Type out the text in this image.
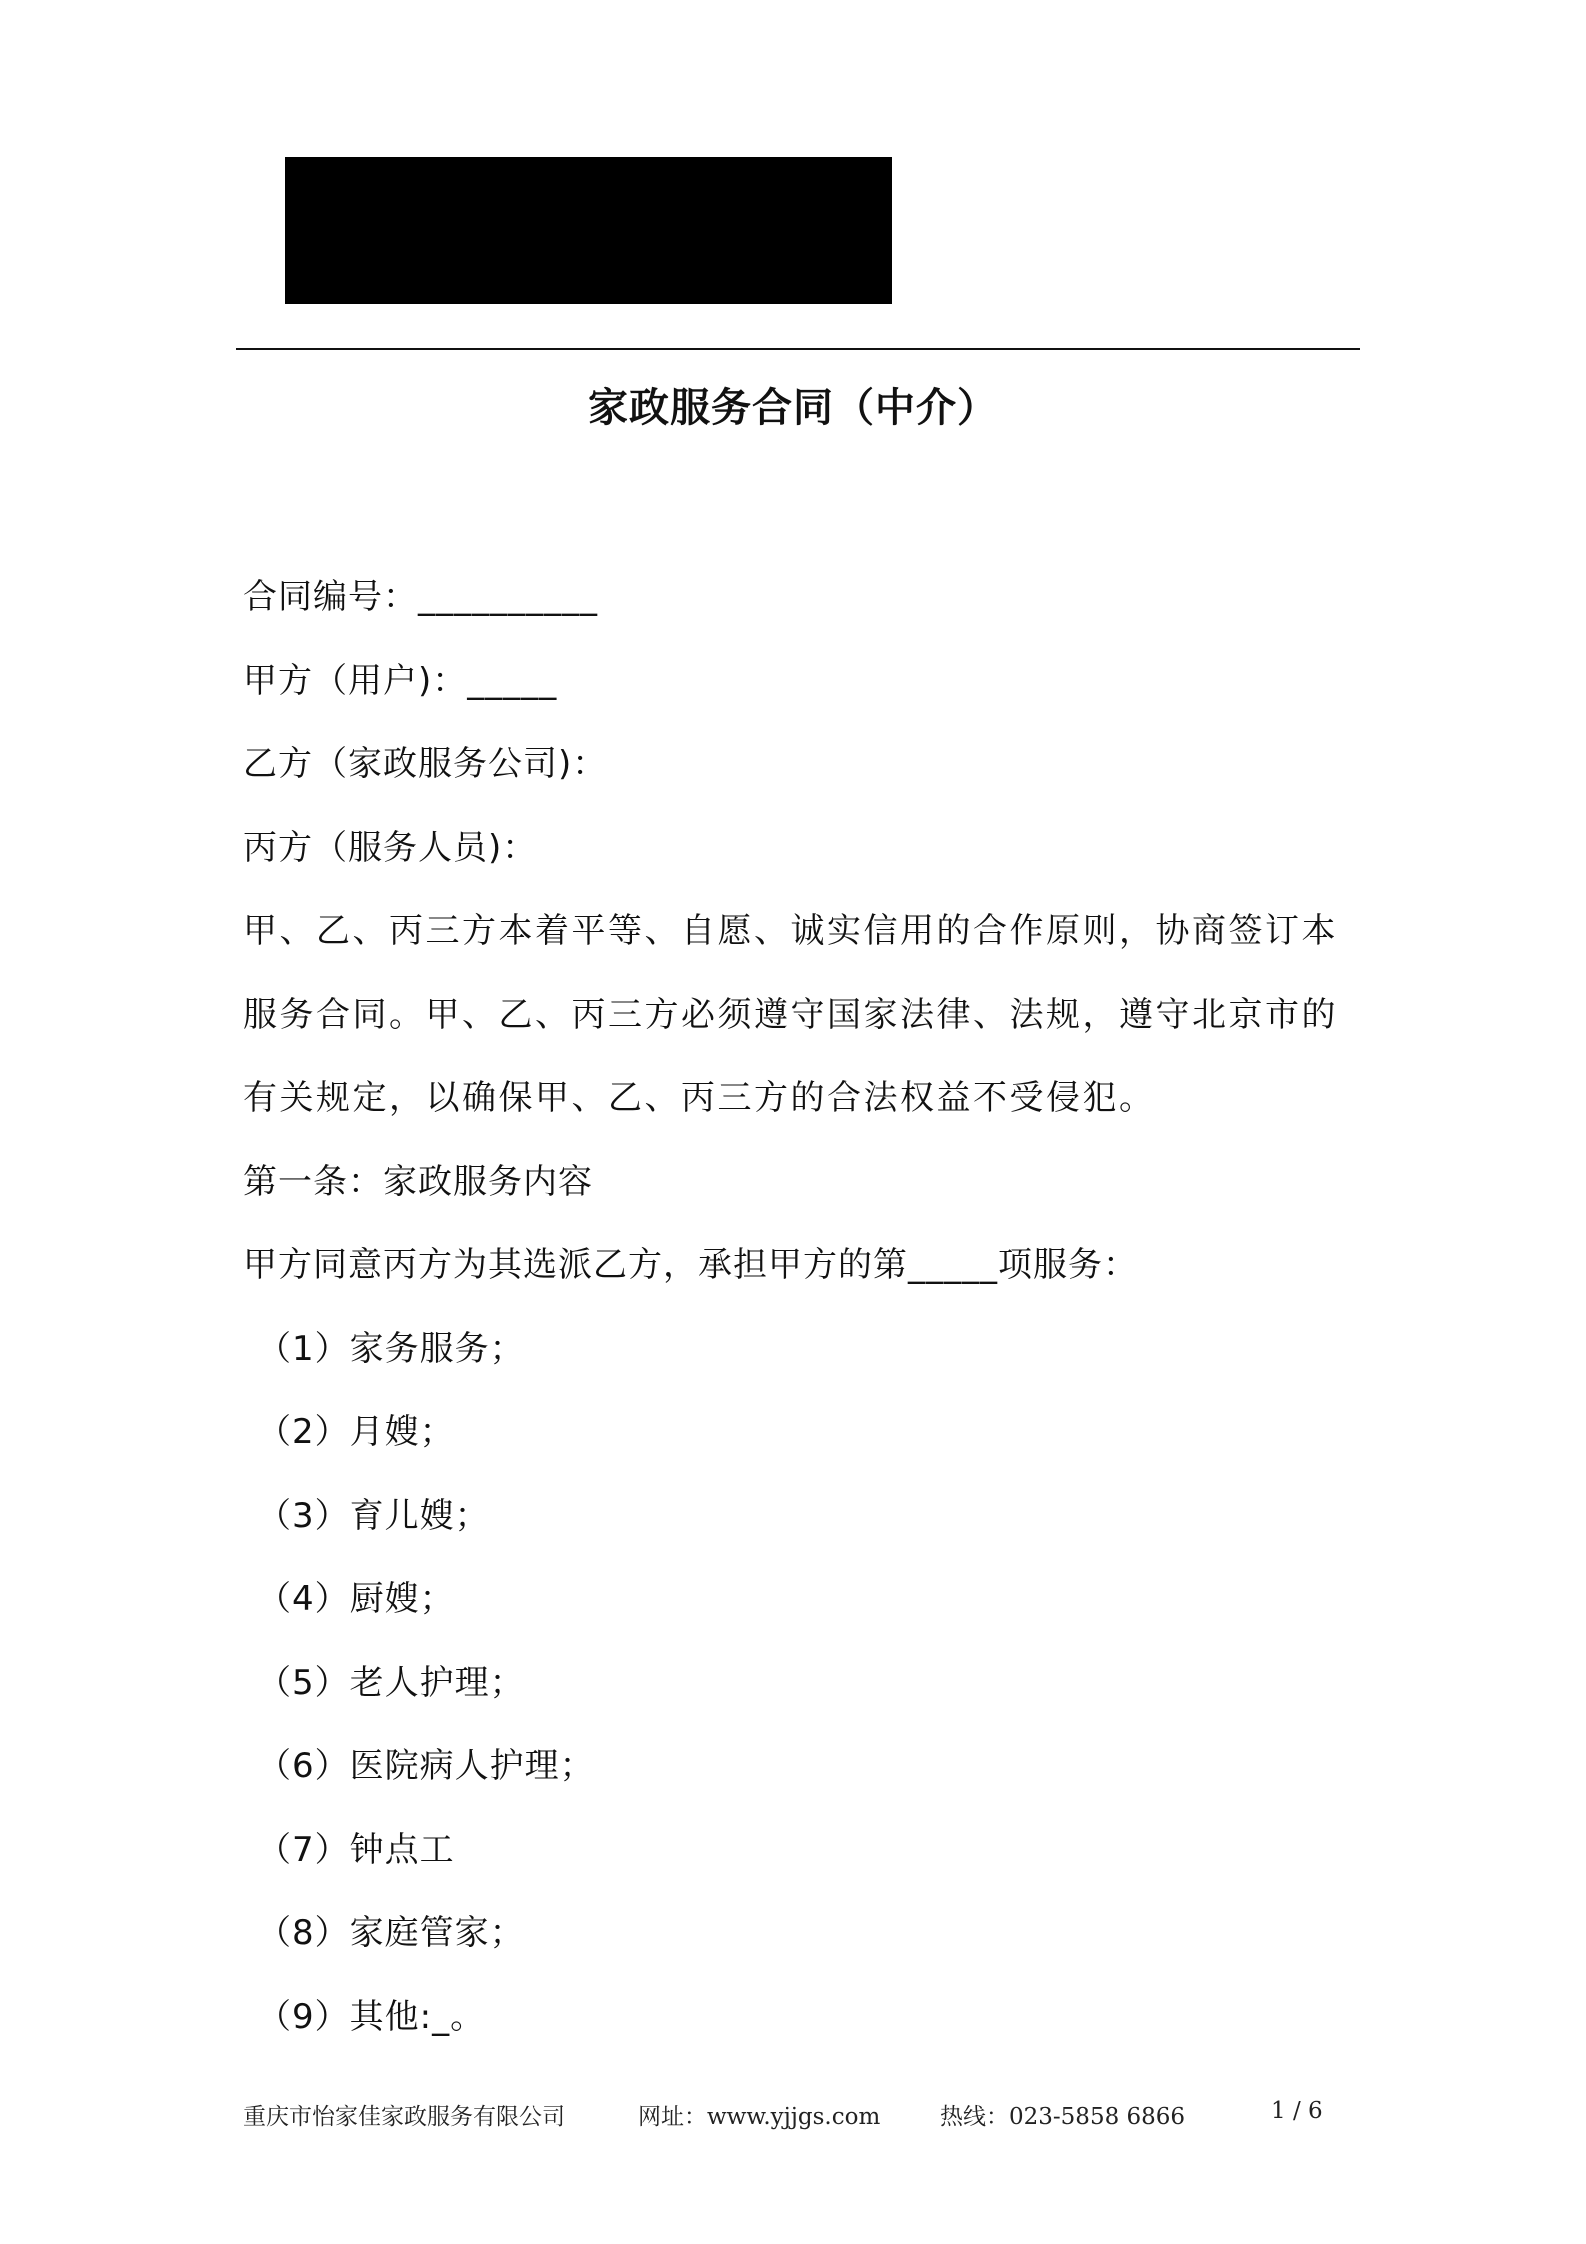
家政服务合同（中介）
合同编号：__________
甲方（用户)：_____
乙方（家政服务公司)：
丙方（服务人员)：
甲、乙、丙三方本着平等、自愿、诚实信用的合作原则，协商签订本服务合同。甲、乙、丙三方必须遵守国家法律、法规，遵守北京市的有关规定，以确保甲、乙、丙三方的合法权益不受侵犯。
第一条：家政服务内容
甲方同意丙方为其选派乙方，承担甲方的第_____项服务：
（1）家务服务；
（2）月嫂；
（3）育儿嫂；
（4）厨嫂；
（5）老人护理；
（6）医院病人护理；
（7）钟点工
（8）家庭管家；
（9）其他:_。
重庆市怡家佳家政服务有限公司	网址：www.yjjgs.com	热线：023-5858 6866	1 / 6
